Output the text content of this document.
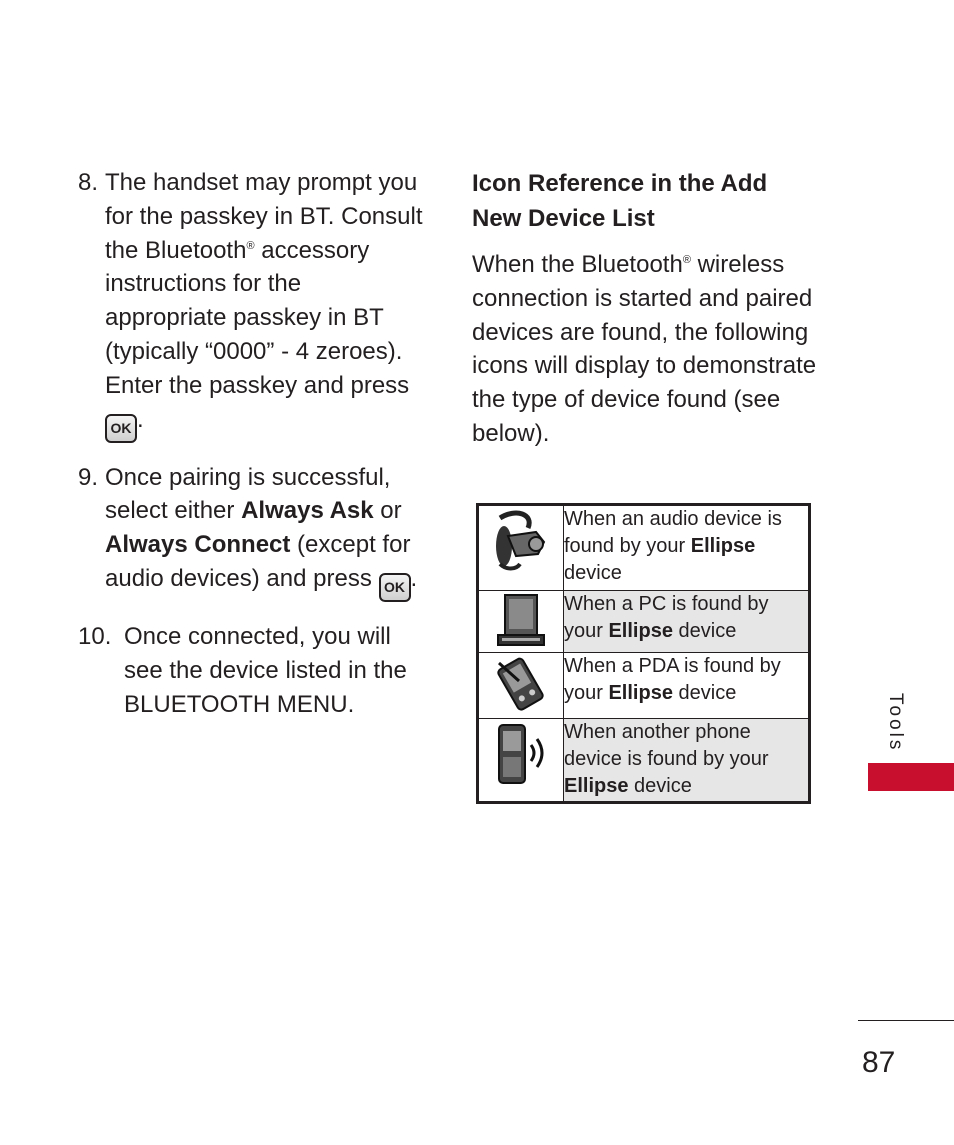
8. The handset may prompt you for the passkey in BT. Consult the Bluetooth® accessory instructions for the appropriate passkey in BT (typically “0000” - 4 zeroes). Enter the passkey and press
OK .
9. Once pairing is successful, select either Always Ask or Always Connect (except for audio devices) and press OK .
10. Once connected, you will see the device listed in the BLUETOOTH MENU.
Icon Reference in the Add New Device List
When the Bluetooth® wireless connection is started and paired devices are found, the following icons will display to demonstrate the type of device found (see below).
	When an audio device is found by your Ellipse device

	When a PC is found by your Ellipse device

	When a PDA is found by your Ellipse device

	When another phone device is found by your Ellipse device
Tools
87
